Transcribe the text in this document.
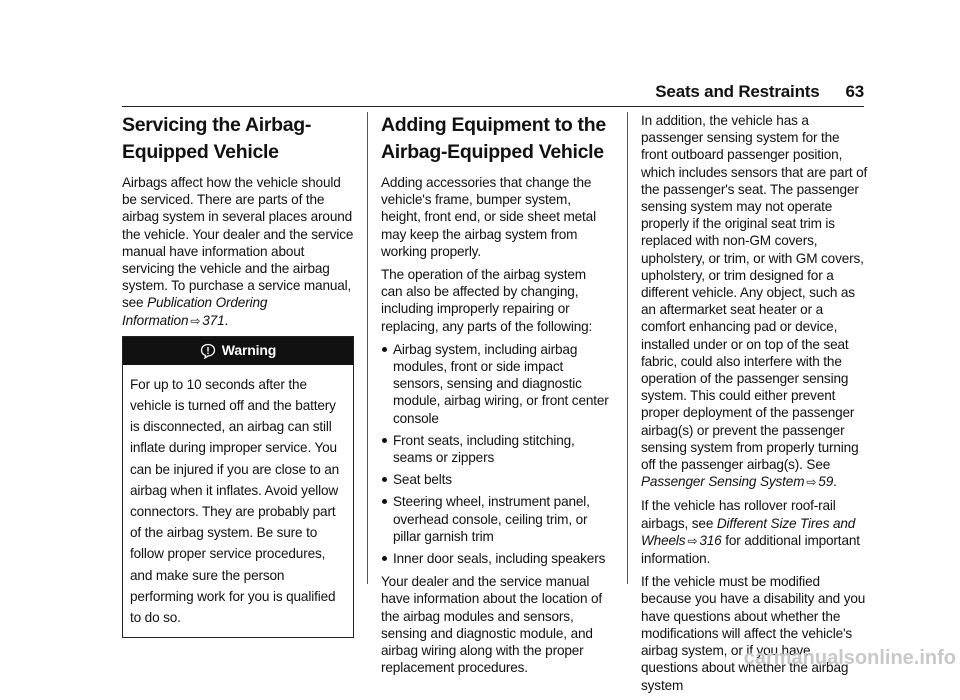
Seats and Restraints 63
Servicing the Airbag-Equipped Vehicle

Airbags affect how the vehicle should be serviced. There are parts of the airbag system in several places around the vehicle. Your dealer and the service manual have information about servicing the vehicle and the airbag system. To purchase a service manual, see Publication Ordering Information ⇨ 371.

Warning
For up to 10 seconds after the vehicle is turned off and the battery is disconnected, an airbag can still inflate during improper service. You can be injured if you are close to an airbag when it inflates. Avoid yellow connectors. They are probably part of the airbag system. Be sure to follow proper service procedures, and make sure the person performing work for you is qualified to do so.
Adding Equipment to the Airbag-Equipped Vehicle

Adding accessories that change the vehicle's frame, bumper system, height, front end, or side sheet metal may keep the airbag system from working properly.

The operation of the airbag system can also be affected by changing, including improperly repairing or replacing, any parts of the following:

Airbag system, including airbag modules, front or side impact sensors, sensing and diagnostic module, airbag wiring, or front center console
Front seats, including stitching, seams or zippers
Seat belts
Steering wheel, instrument panel, overhead console, ceiling trim, or pillar garnish trim
Inner door seals, including speakers

Your dealer and the service manual have information about the location of the airbag modules and sensors, sensing and diagnostic module, and airbag wiring along with the proper replacement procedures.

In addition, the vehicle has a passenger sensing system for the front outboard passenger position, which includes sensors that are part of the passenger's seat. The passenger sensing system may not operate properly if the original seat trim is replaced with non-GM covers, upholstery, or trim, or with GM covers, upholstery, or trim designed for a different vehicle. Any object, such as an aftermarket seat heater or a comfort enhancing pad or device, installed under or on top of the seat fabric, could also interfere with the operation of the passenger sensing system. This could either prevent proper deployment of the passenger airbag(s) or prevent the passenger sensing system from properly turning off the passenger airbag(s). See Passenger Sensing System ⇨ 59.

If the vehicle has rollover roof-rail airbags, see Different Size Tires and Wheels ⇨ 316 for additional important information.

If the vehicle must be modified because you have a disability and you have questions about whether the modifications will affect the vehicle's airbag system, or if you have questions about whether the airbag system

carmanualsonline.info
